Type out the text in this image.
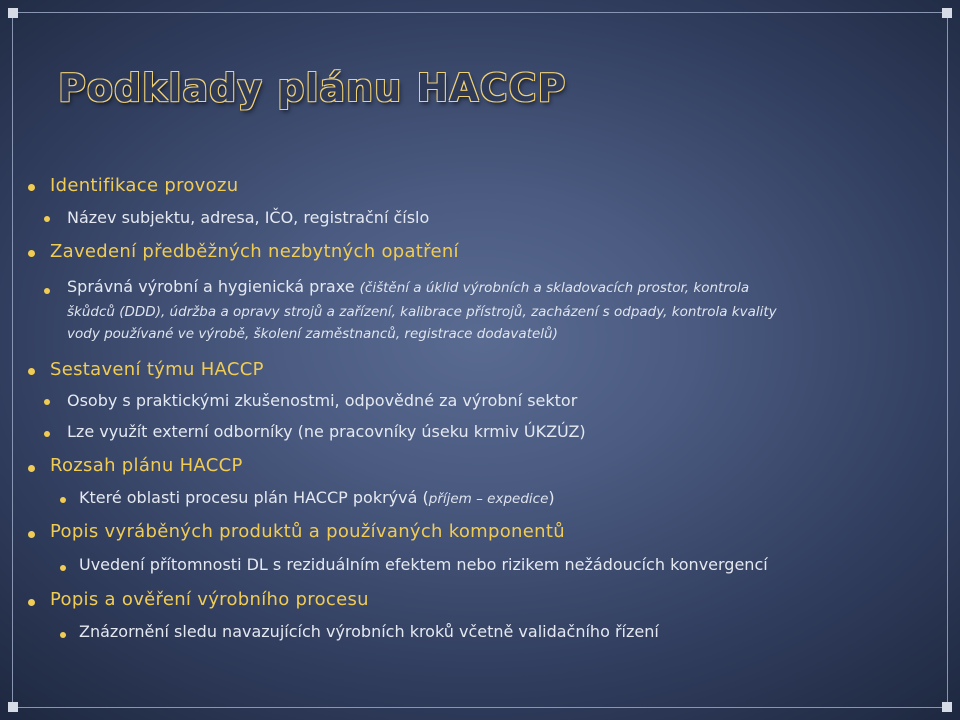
Podklady plánu HACCP
Identifikace provozu
Název subjektu, adresa, IČO, registrační číslo
Zavedení předběžných nezbytných opatření
Správná výrobní a hygienická praxe (čištění a úklid výrobních a skladovacích prostor, kontrola
škůdců (DDD), údržba a opravy strojů a zařízení, kalibrace přístrojů, zacházení s odpady, kontrola kvality
vody používané ve výrobě, školení zaměstnanců, registrace dodavatelů)
Sestavení týmu HACCP
Osoby s praktickými zkušenostmi, odpovědné za výrobní sektor
Lze využít externí odborníky (ne pracovníky úseku krmiv ÚKZÚZ)
Rozsah plánu HACCP
Které oblasti procesu plán HACCP pokrývá (příjem – expedice)
Popis vyráběných produktů a používaných komponentů
Uvedení přítomnosti DL s reziduálním efektem nebo rizikem nežádoucích konvergencí
Popis a ověření výrobního procesu
Znázornění sledu navazujících výrobních kroků včetně validačního řízení
